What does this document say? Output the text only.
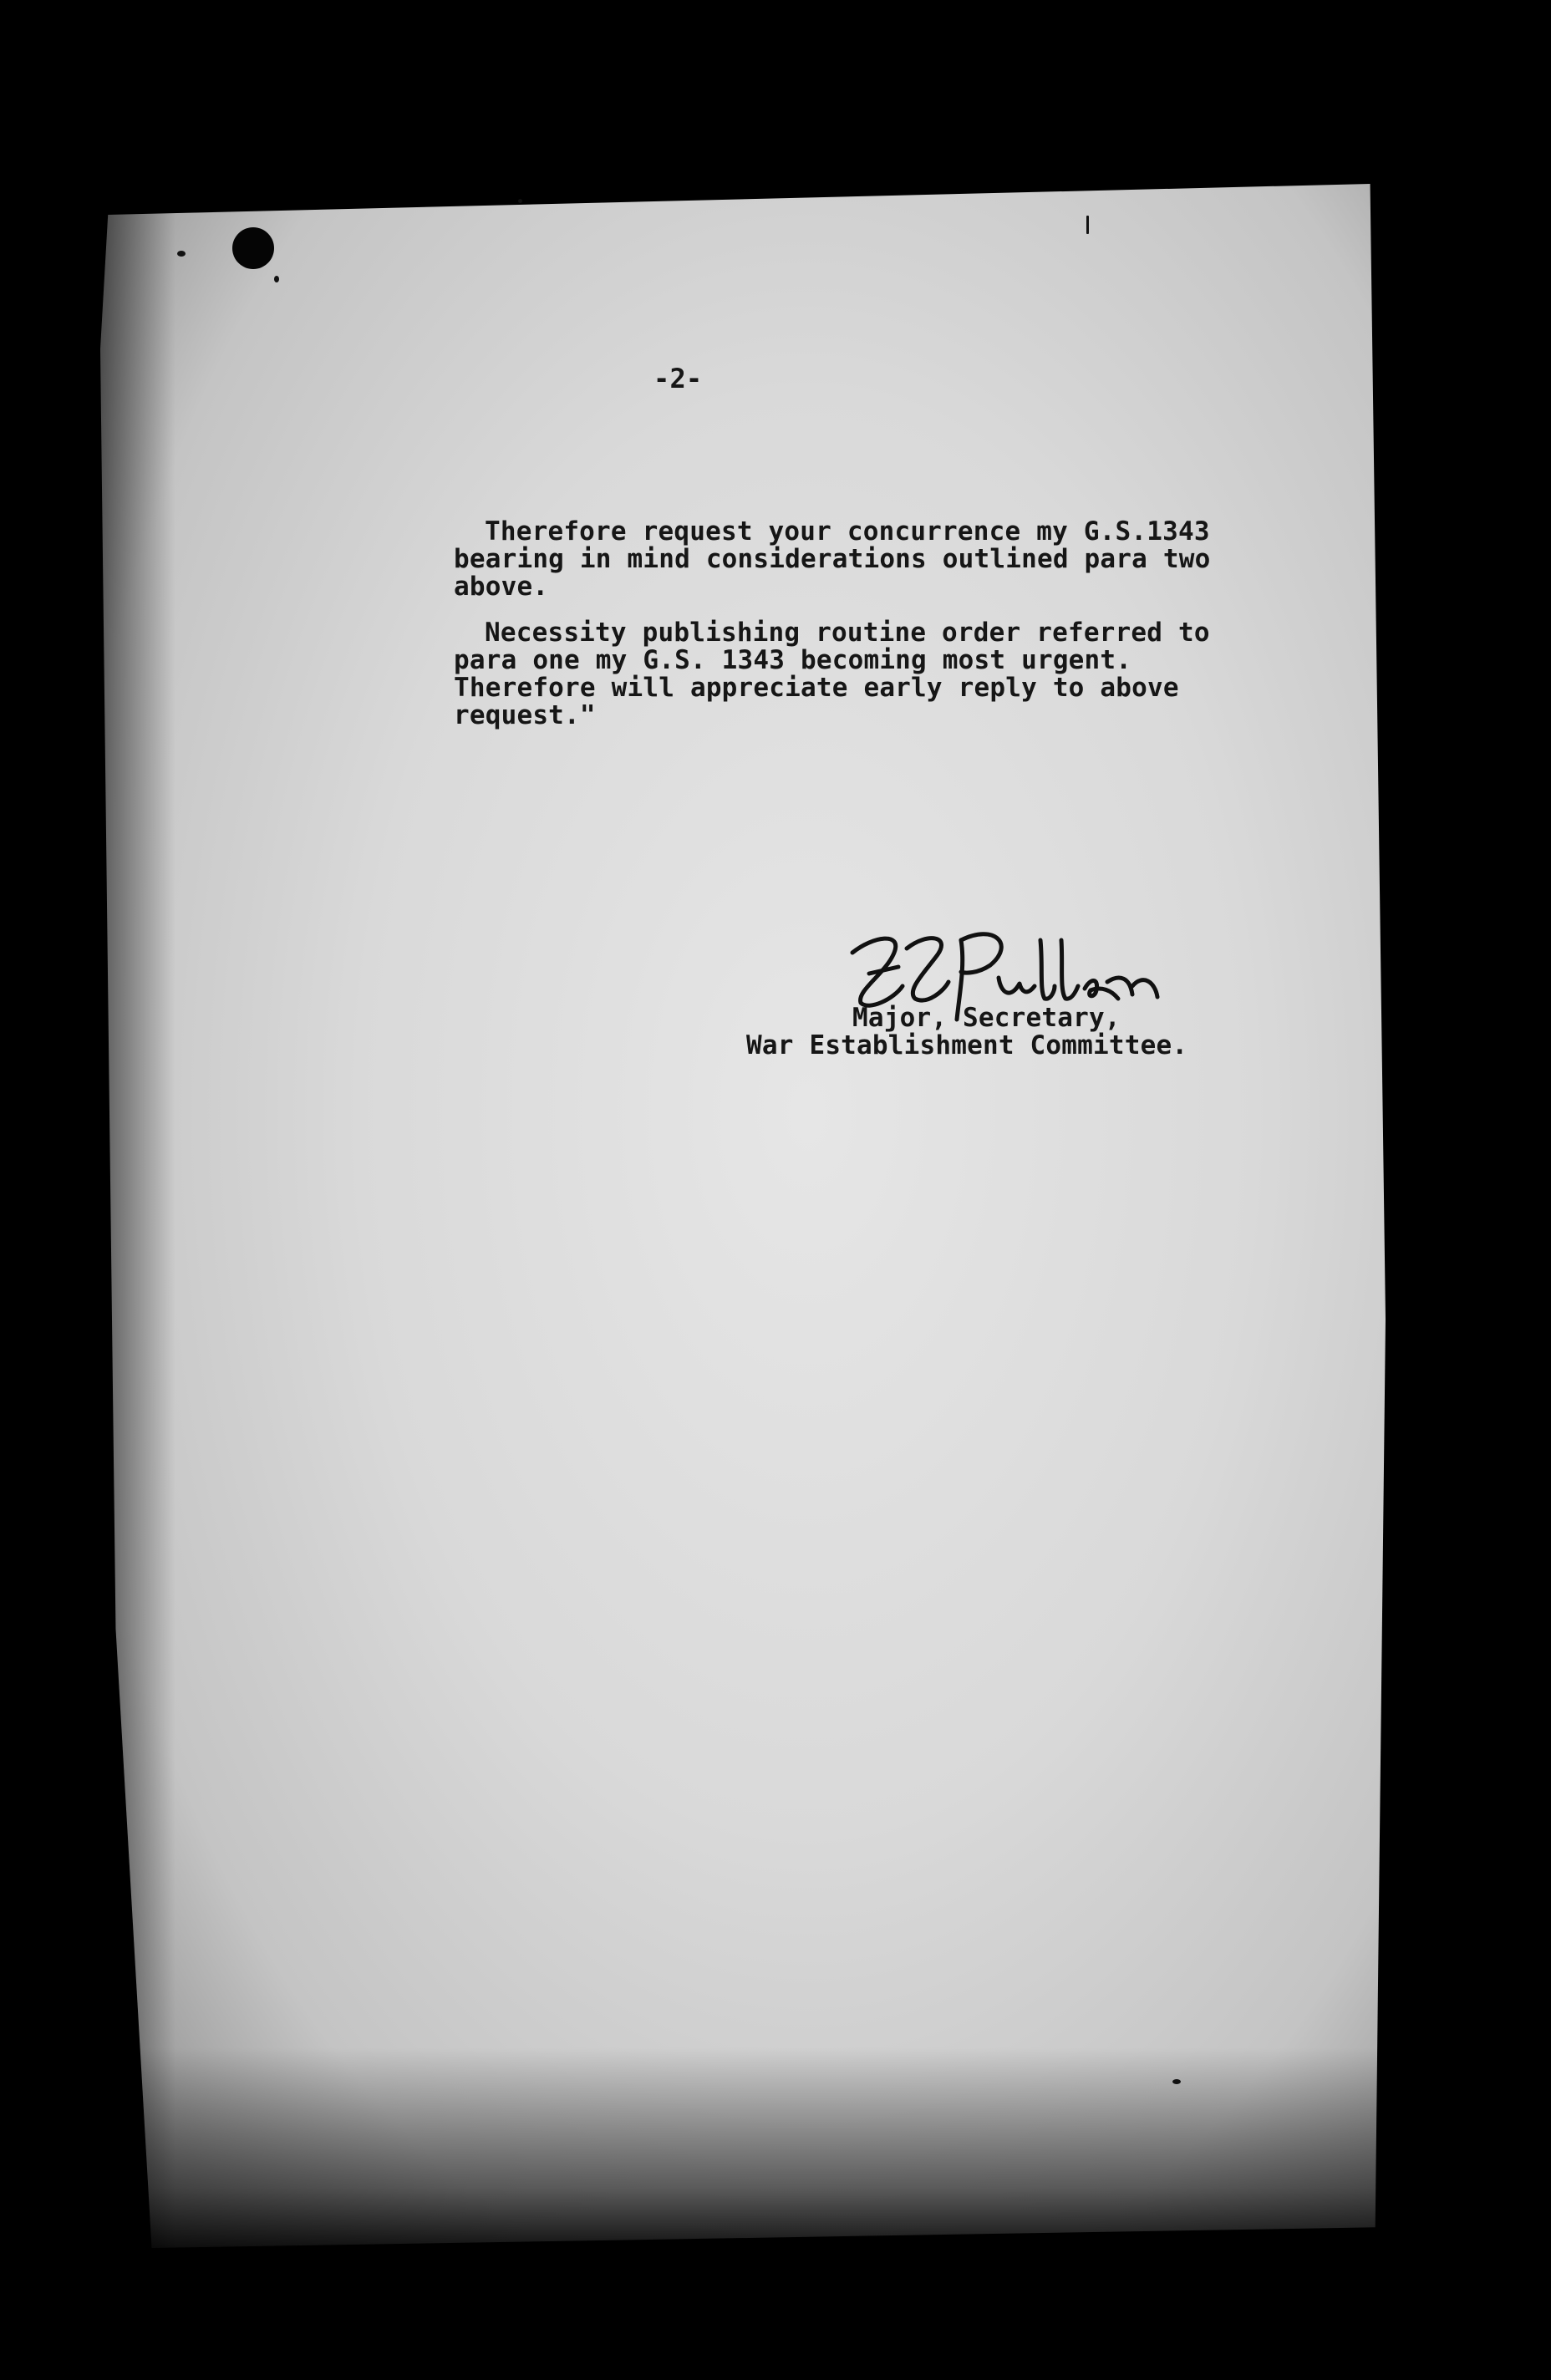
-2-
Therefore request your concurrence my G.S.1343
bearing in mind considerations outlined para two
above.
Necessity publishing routine order referred to
para one my G.S. 1343 becoming most urgent.
Therefore will appreciate early reply to above
request."
Major, Secretary,
War Establishment Committee.
